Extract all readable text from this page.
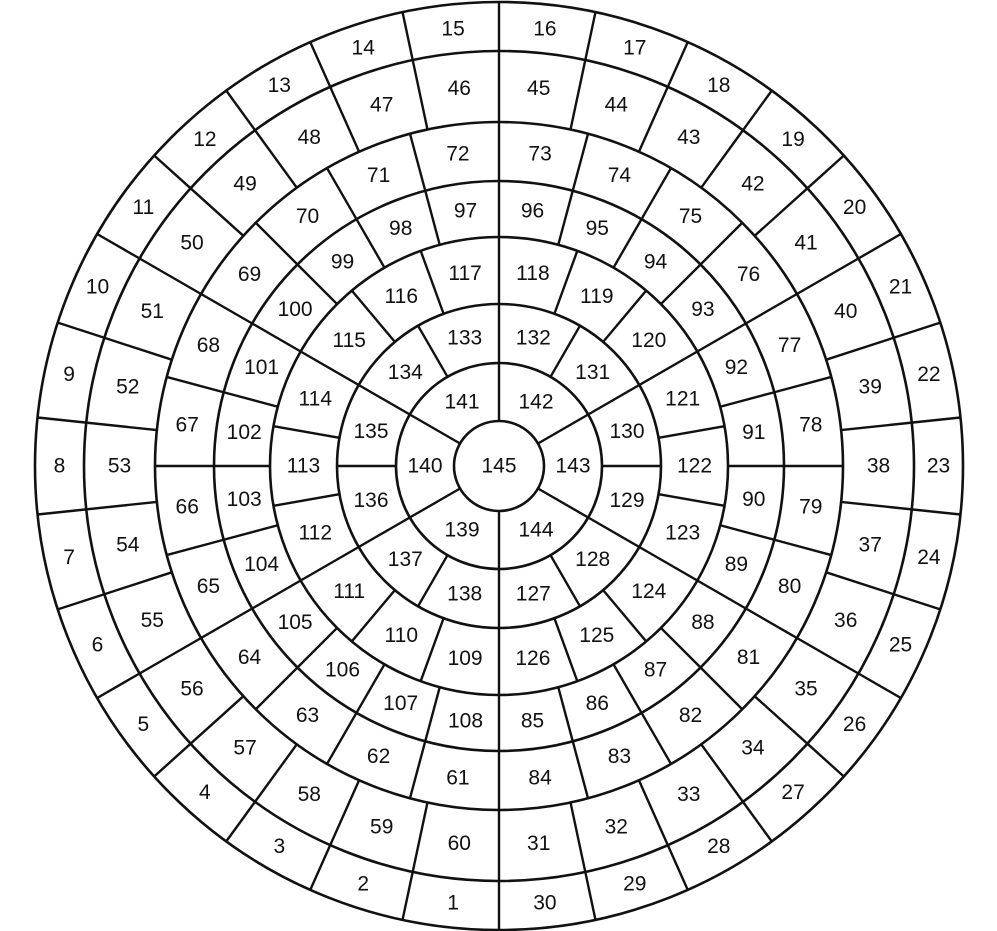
1
2
3
4
5
6
7
8
9
10
11
12
13
14
15	16
17
18
19
20
21
22
23
24
25
26
27
28
29
30
60
59
58
57
56
55
54
53
52
51
50
49
48
47
46	45
44
43
42
41
40
39
38
37
36
35
34
33
32
31
61
62
63
64
65
66
67
68
69
70
71
72	73
74
75
76
77
78
79
80
81
82
83
84
108
107
106
105
104
103
102
101
100
99
98
97 96
95
94
93
92
91
90
89
88
87
86
85
109
110
111
112
113
114
115
116
117 118
119
120
121
122
123
124
125
126
138
137
136
135
134
133 132
131
130
129
128
127
139
140
141 142
143
144
145
